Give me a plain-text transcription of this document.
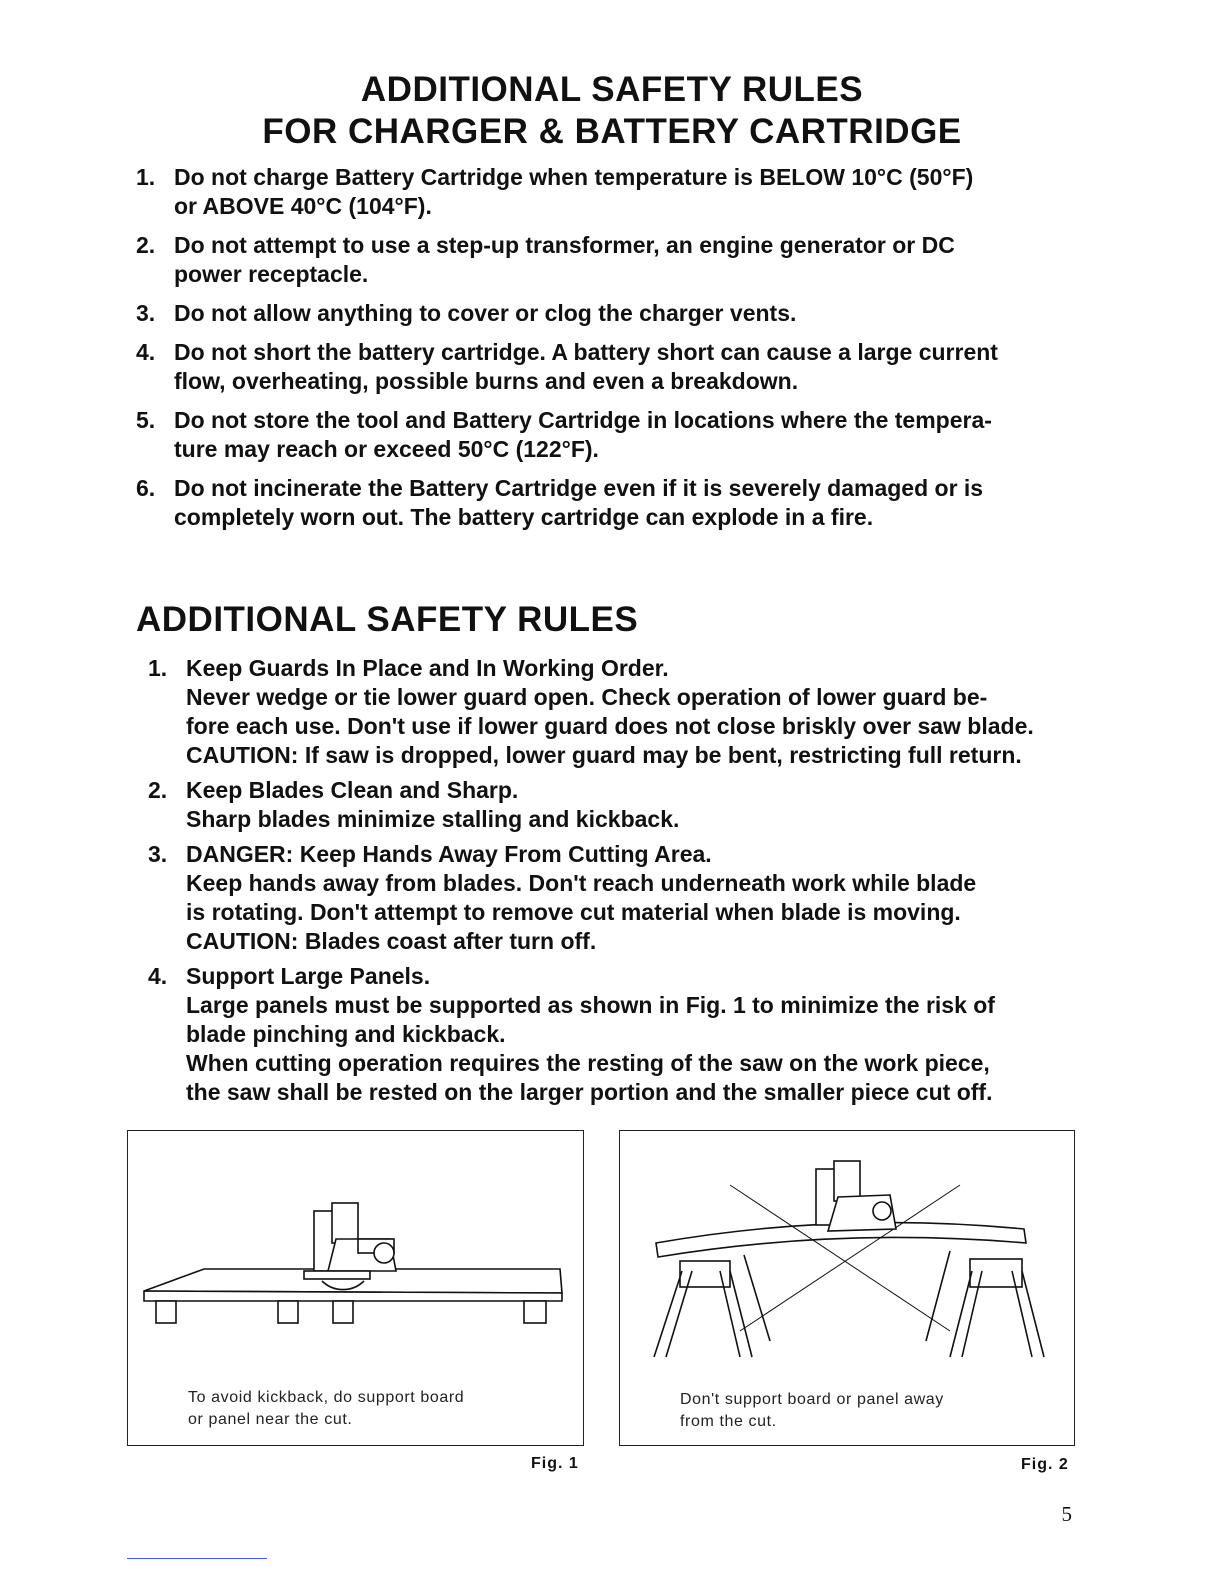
ADDITIONAL SAFETY RULES
FOR CHARGER & BATTERY CARTRIDGE
1. Do not charge Battery Cartridge when temperature is BELOW 10°C (50°F)
or ABOVE 40°C (104°F).
2. Do not attempt to use a step-up transformer, an engine generator or DC
power receptacle.
3. Do not allow anything to cover or clog the charger vents.
4. Do not short the battery cartridge. A battery short can cause a large current
flow, overheating, possible burns and even a breakdown.
5. Do not store the tool and Battery Cartridge in locations where the tempera-
ture may reach or exceed 50°C (122°F).
6. Do not incinerate the Battery Cartridge even if it is severely damaged or is
completely worn out. The battery cartridge can explode in a fire.
ADDITIONAL SAFETY RULES
1. Keep Guards In Place and In Working Order.
Never wedge or tie lower guard open. Check operation of lower guard be-
fore each use. Don't use if lower guard does not close briskly over saw blade.
CAUTION: If saw is dropped, lower guard may be bent, restricting full return.
2. Keep Blades Clean and Sharp.
Sharp blades minimize stalling and kickback.
3. DANGER: Keep Hands Away From Cutting Area.
Keep hands away from blades. Don't reach underneath work while blade
is rotating. Don't attempt to remove cut material when blade is moving.
CAUTION: Blades coast after turn off.
4. Support Large Panels.
Large panels must be supported as shown in Fig. 1 to minimize the risk of
blade pinching and kickback.
When cutting operation requires the resting of the saw on the work piece,
the saw shall be rested on the larger portion and the smaller piece cut off.
To avoid kickback, do support board
or panel near the cut.
Fig. 1
Don't support board or panel away
from the cut.
Fig. 2
5
